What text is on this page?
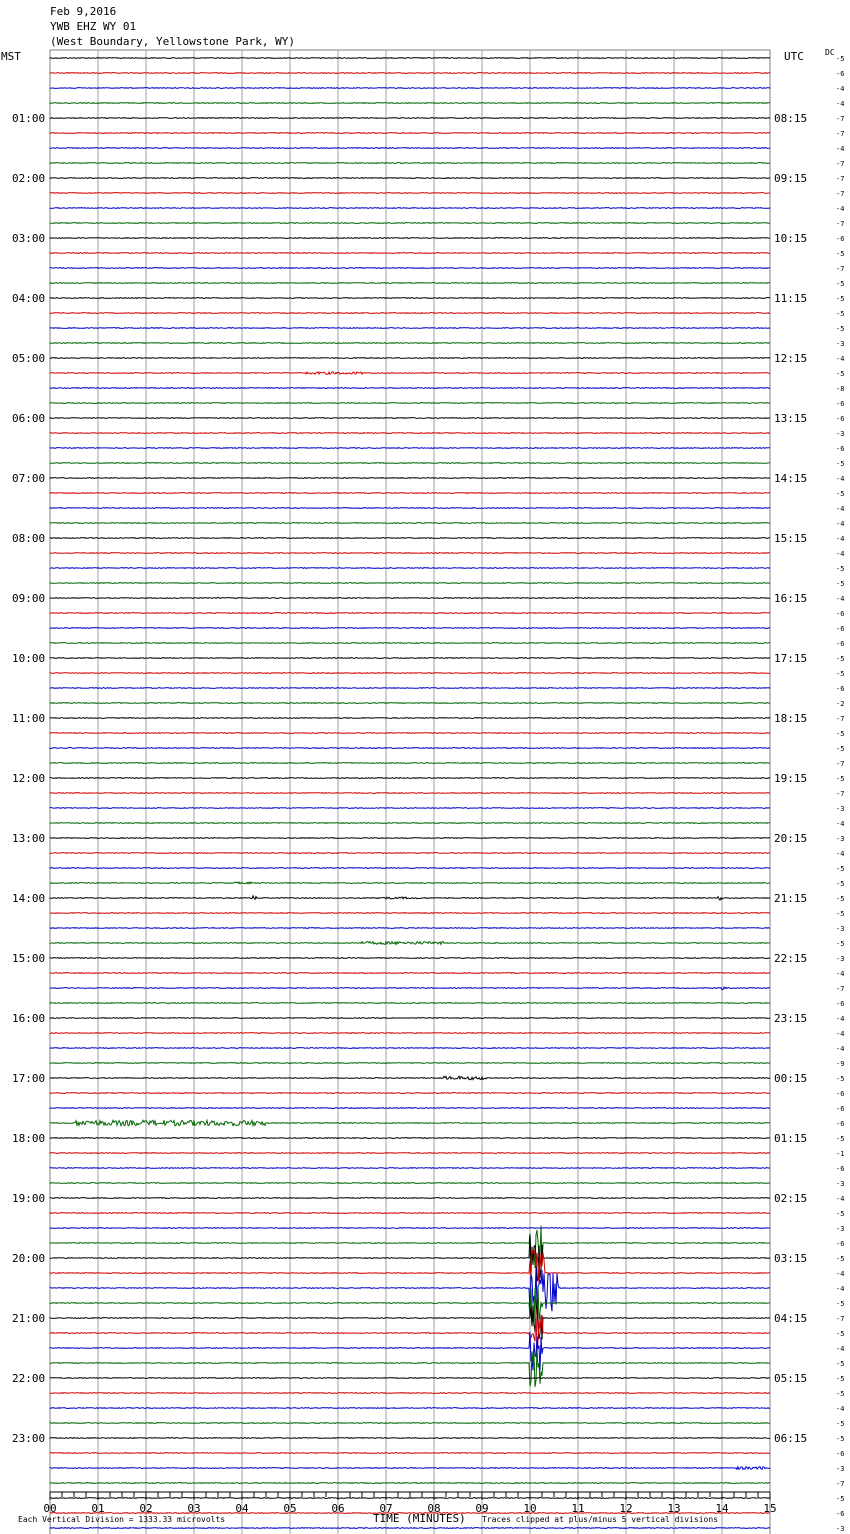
Feb 9,2016
YWB EHZ WY 01
(West Boundary, Yellowstone Park, WY)
MST	UTC	DC
-5
-6
-4
-4
-7
-7
-4
-7
-7
-7
-4
-7
-6
-5
-7
-5
-5
-5
-5
-3
-4
-5
-8
-6
-6
-3
-6
-5
-4
-5
-4
-4
-4
-4
-5
-5
-4
-6
-6
-6
-5
-5
-6
-2
-7
-5
-5
-7
-5
-7
-3
-4
-3
-4
-5
-5
-5
-5
-3
-5
-3
-4
-7
-6
-4
-4
-4
-9
-5
-6
-6
-6
-5
-1
-6
-3
-4
-5
-3
-6
-5
-4
-4
-5
-7
-5
-4
-5
-5
-5
-4
-5
-5
-6
-3
-7
-5
-6
-3
01:00
02:00
03:00
04:00
05:00
06:00
07:00
08:00
09:00
10:00
11:00
12:00
13:00
14:00
15:00
16:00
17:00
18:00
19:00
20:00
21:00
22:00
23:00
08:15
09:15
10:15
11:15
12:15
13:15
14:15
15:15
16:15
17:15
18:15
19:15
20:15
21:15
22:15
23:15
00:15
01:15
02:15
03:15
04:15
05:15
06:15
00	01	02	03	04	05	06	07	08	09	10	11	12	13	14	15
Each Vertical Division = 1333.33 microvolts	TIME (MINUTES) Traces clipped at plus/minus 5 vertical divisions
